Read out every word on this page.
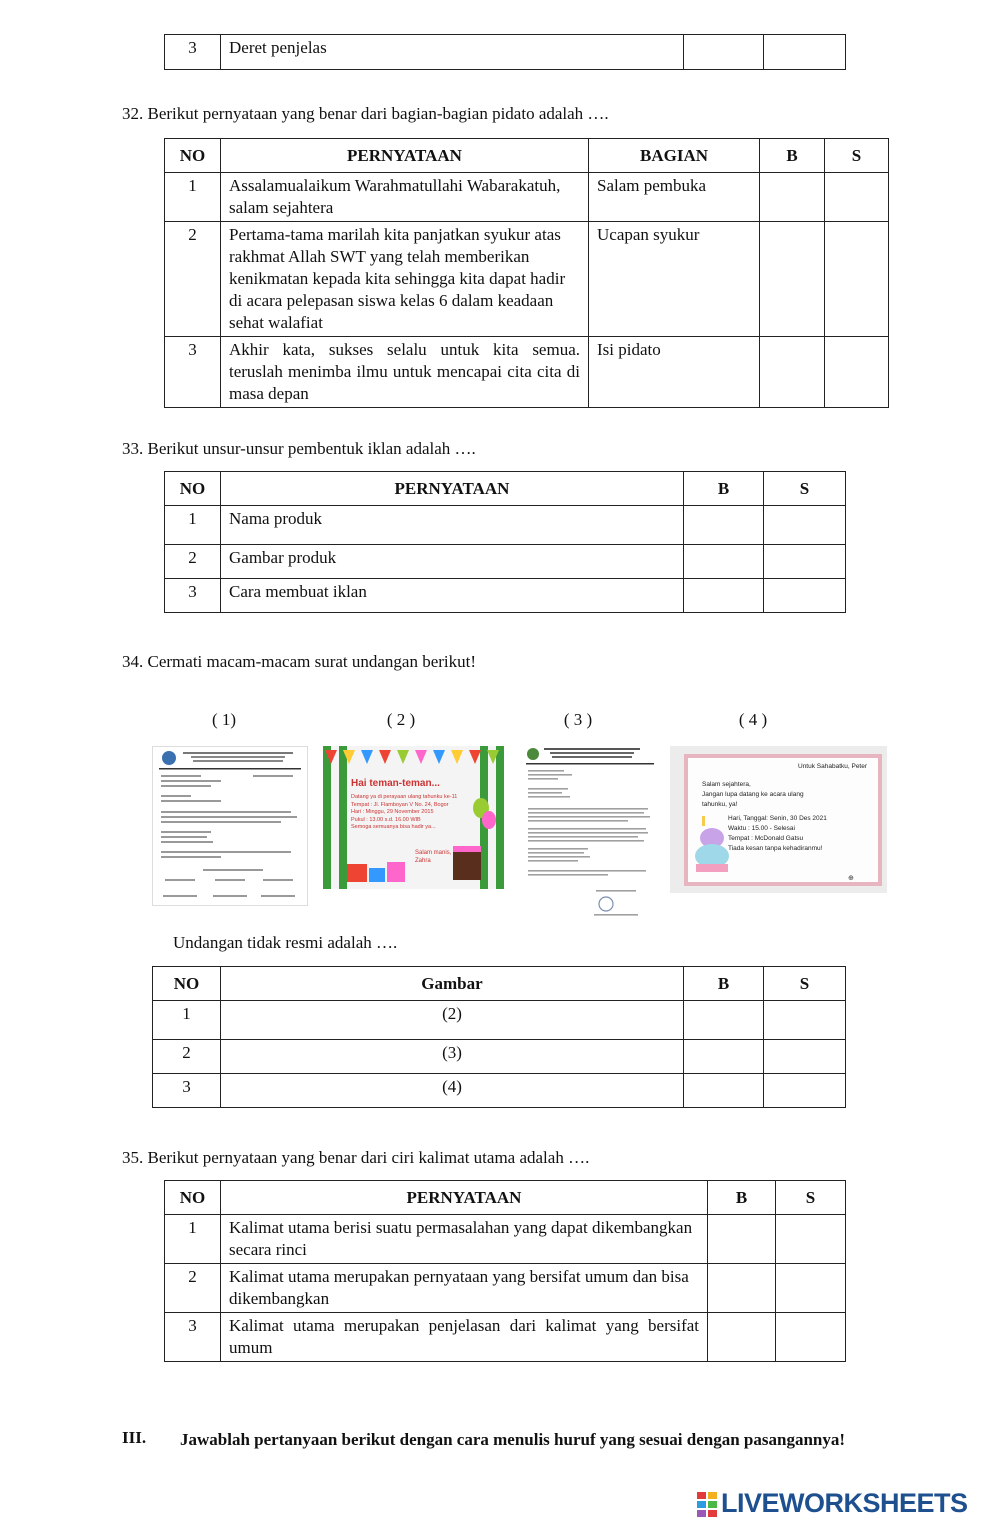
3	Deret penjelas		
32. Berikut pernyataan yang benar dari bagian-bagian pidato adalah ….
NO	PERNYATAAN	BAGIAN	B	S
1	Assalamualaikum Warahmatullahi Wabarakatuh, salam sejahtera	Salam pembuka		
2	Pertama-tama marilah kita panjatkan syukur atas rakhmat Allah SWT yang telah memberikan kenikmatan kepada kita sehingga kita dapat hadir di acara pelepasan siswa kelas 6 dalam keadaan sehat walafiat	Ucapan syukur		
3	Akhir kata, sukses selalu untuk kita semua. teruslah menimba ilmu untuk mencapai cita cita di masa depan	Isi pidato		
33. Berikut unsur-unsur pembentuk iklan adalah ….
NO	PERNYATAAN	B	S
1	Nama produk		
2	Gambar produk		
3	Cara membuat iklan		
34. Cermati macam-macam surat undangan berikut!
( 1)	( 2 )	( 3 )	( 4 )
Hai teman-teman...
Datang ya di perayaan ulang tahunku ke-11
Tempat : Jl. Flamboyan V No. 24, Bogor
Hari : Minggu, 29 November 2015
Pukul : 13.00 s.d. 16.00 WIB
Semoga semuanya bisa hadir ya...
Salam manis,
Zahra
Untuk Sahabatku, Peter
Salam sejahtera,
Jangan lupa datang ke acara ulang
tahunku, ya!
Hari, Tanggal: Senin, 30 Des 2021
Waktu : 15.00 - Selesai
Tempat : McDonald Gatsu
Tiada kesan tanpa kehadiranmu!
⊕
Undangan tidak resmi adalah ….
NO	Gambar	B	S
1	(2)		
2	(3)		
3	(4)		
35. Berikut pernyataan yang benar dari ciri kalimat utama adalah ….
NO	PERNYATAAN	B	S
1	Kalimat utama berisi suatu permasalahan yang dapat dikembangkan secara rinci		
2	Kalimat utama merupakan pernyataan yang bersifat umum dan bisa dikembangkan		
3	Kalimat utama merupakan penjelasan dari kalimat yang bersifat umum		
III. Jawablah pertanyaan berikut dengan cara menulis huruf yang sesuai dengan pasangannya!
LIVEWORKSHEETS
